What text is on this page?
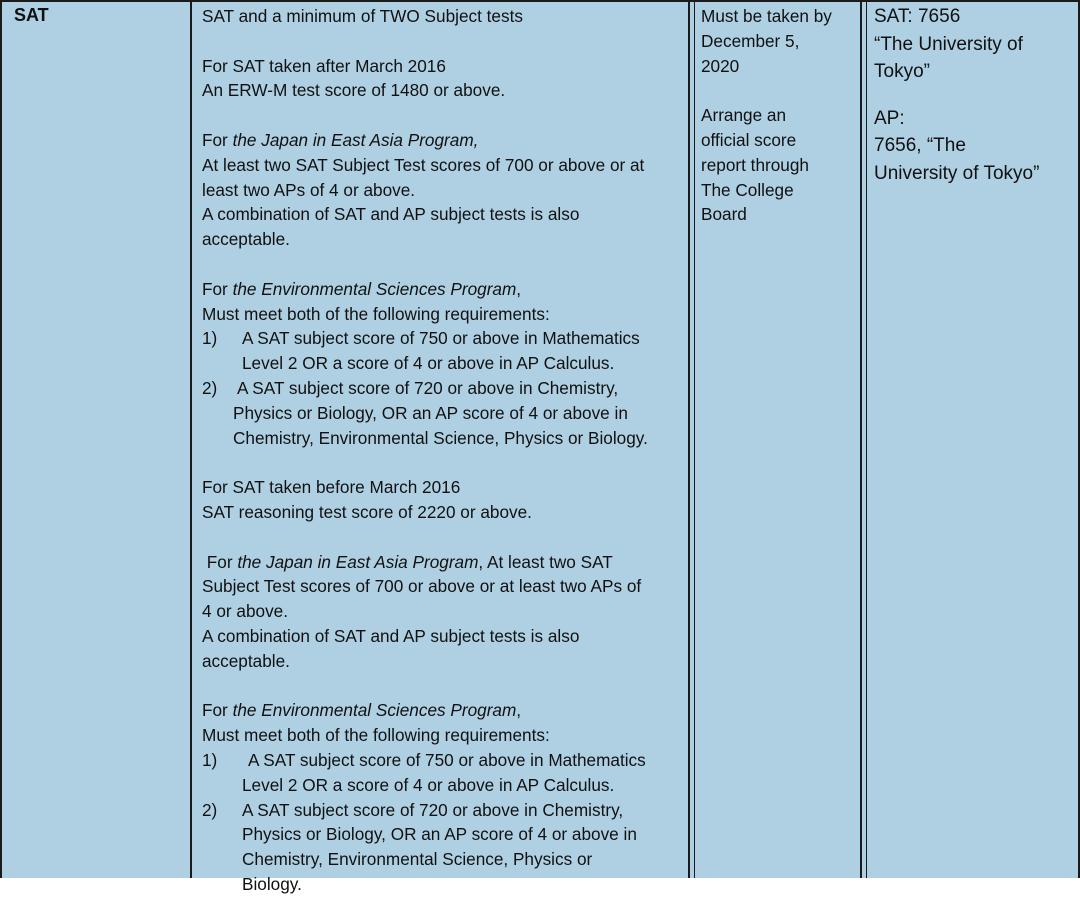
SAT	SAT and a minimum of TWO Subject tests
For SAT taken after March 2016
An ERW-M test score of 1480 or above.
For the Japan in East Asia Program,
At least two SAT Subject Test scores of 700 or above or at
least two APs of 4 or above.
A combination of SAT and AP subject tests is also
acceptable.
For the Environmental Sciences Program,
Must meet both of the following requirements:
1) A SAT subject score of 750 or above in Mathematics
Level 2 OR a score of 4 or above in AP Calculus.
2) A SAT subject score of 720 or above in Chemistry,
Physics or Biology, OR an AP score of 4 or above in
Chemistry, Environmental Science, Physics or Biology.
For SAT taken before March 2016
SAT reasoning test score of 2220 or above.
For the Japan in East Asia Program, At least two SAT
Subject Test scores of 700 or above or at least two APs of
4 or above.
A combination of SAT and AP subject tests is also
acceptable.
For the Environmental Sciences Program,
Must meet both of the following requirements:
1) A SAT subject score of 750 or above in Mathematics
Level 2 OR a score of 4 or above in AP Calculus.
2) A SAT subject score of 720 or above in Chemistry,
Physics or Biology, OR an AP score of 4 or above in
Chemistry, Environmental Science, Physics or
Biology.
Must be taken by
December 5,
2020
Arrange an
official score
report through
The College
Board
SAT: 7656
“The University of
Tokyo”
AP:
7656, “The
University of Tokyo”
